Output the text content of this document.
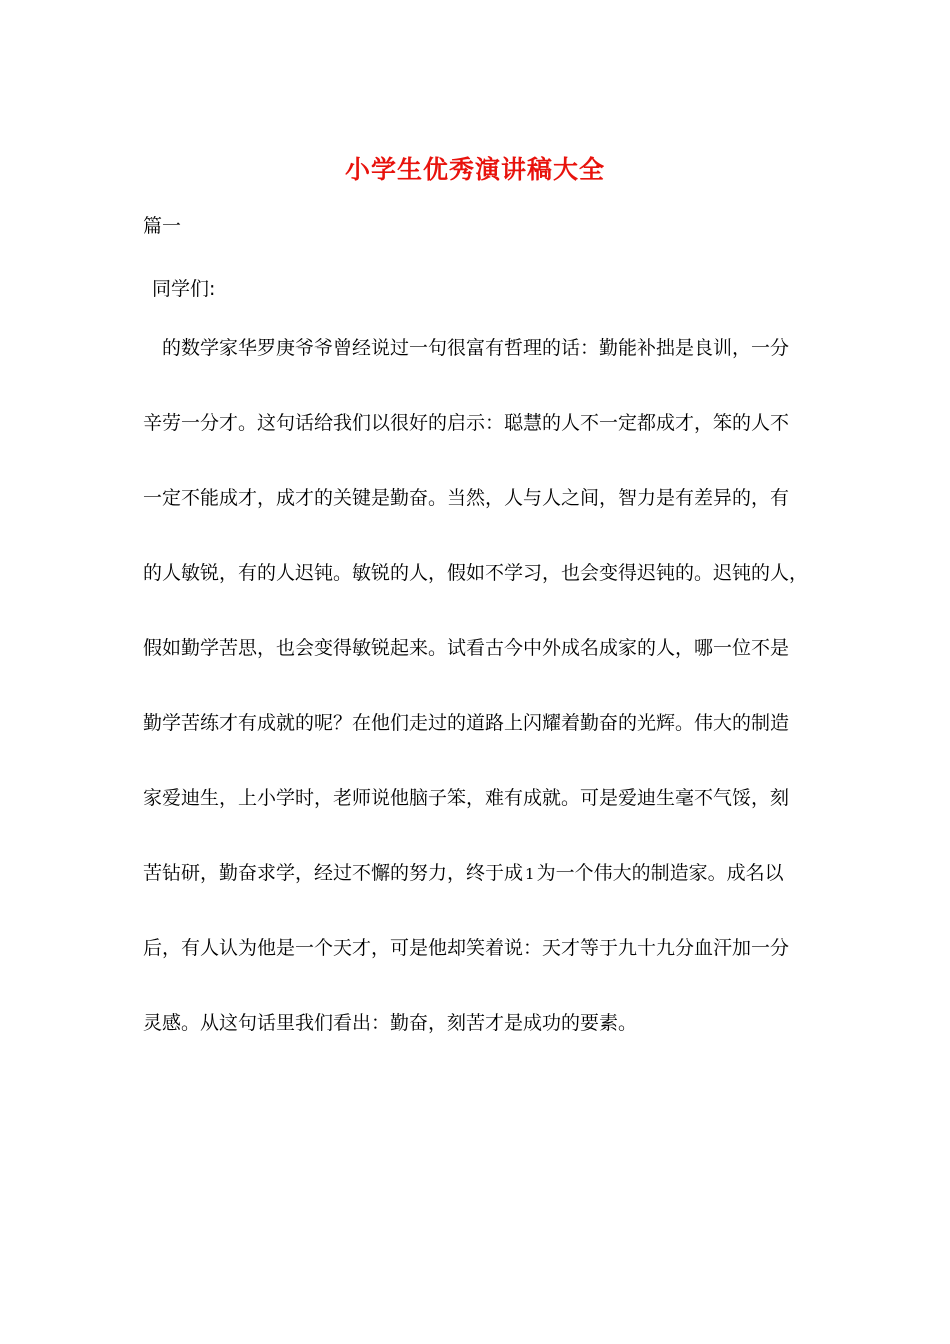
小学生优秀演讲稿大全
篇一
同学们:
的数学家华罗庚爷爷曾经说过一句很富有哲理的话：勤能补拙是良训，一分
辛劳一分才。这句话给我们以很好的启示：聪慧的人不一定都成才，笨的人不
一定不能成才，成才的关键是勤奋。当然，人与人之间，智力是有差异的，有
的人敏锐，有的人迟钝。敏锐的人，假如不学习，也会变得迟钝的。迟钝的人，
假如勤学苦思，也会变得敏锐起来。试看古今中外成名成家的人，哪一位不是
勤学苦练才有成就的呢？在他们走过的道路上闪耀着勤奋的光辉。伟大的制造
家爱迪生，上小学时，老师说他脑子笨，难有成就。可是爱迪生毫不气馁，刻
苦钻研，勤奋求学，经过不懈的努力，终于成 1 为一个伟大的制造家。成名以
后，有人认为他是一个天才，可是他却笑着说：天才等于九十九分血汗加一分
灵感。从这句话里我们看出：勤奋，刻苦才是成功的要素。
